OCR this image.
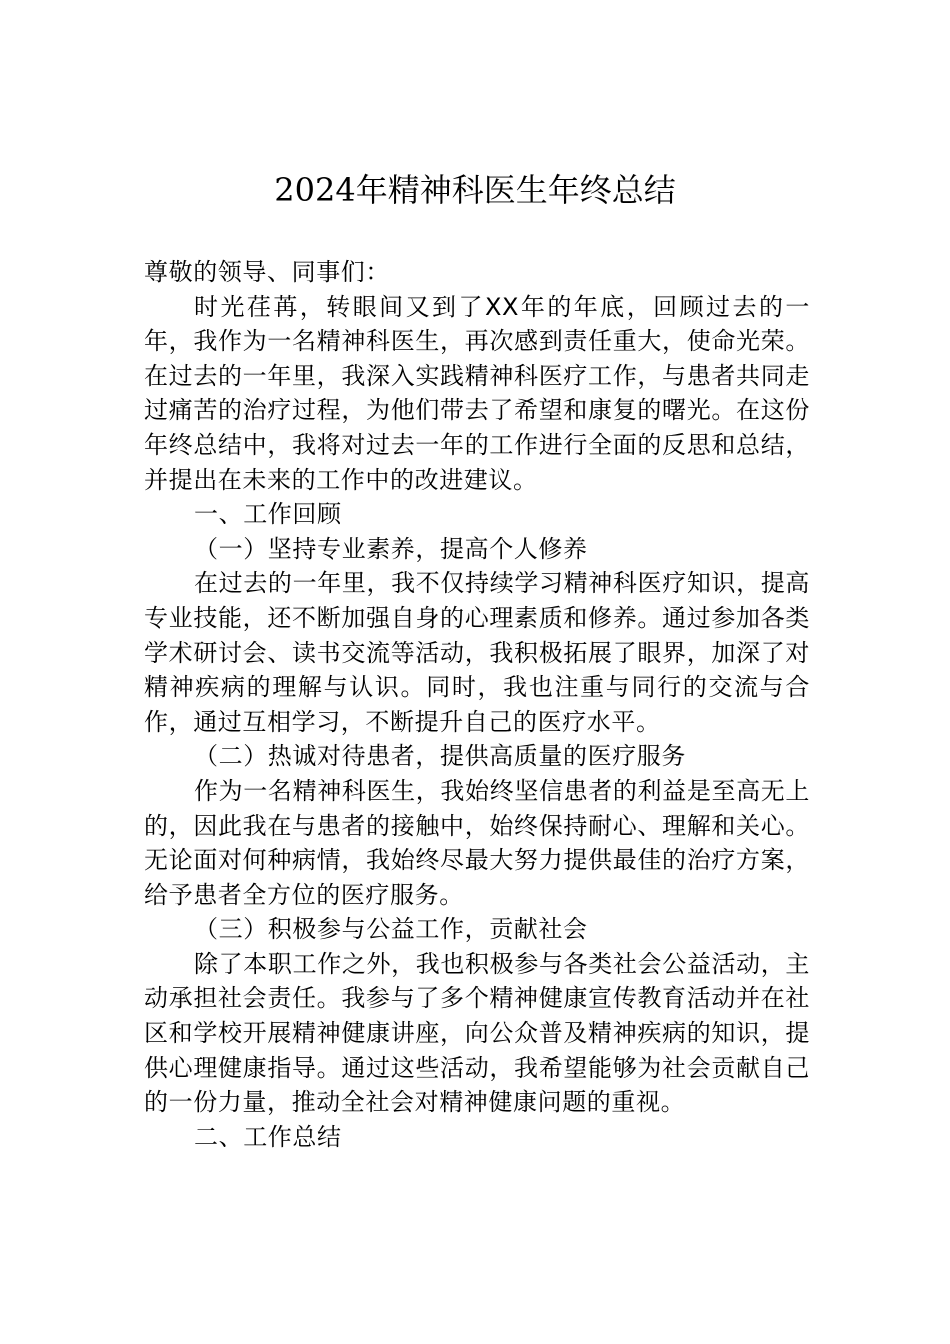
2024年精神科医生年终总结

尊敬的领导、同事们：

时光荏苒，转眼间又到了XX年的年底，回顾过去的一年，我作为一名精神科医生，再次感到责任重大，使命光荣。在过去的一年里，我深入实践精神科医疗工作，与患者共同走过痛苦的治疗过程，为他们带去了希望和康复的曙光。在这份年终总结中，我将对过去一年的工作进行全面的反思和总结，并提出在未来的工作中的改进建议。

一、工作回顾

（一）坚持专业素养，提高个人修养

在过去的一年里，我不仅持续学习精神科医疗知识，提高专业技能，还不断加强自身的心理素质和修养。通过参加各类学术研讨会、读书交流等活动，我积极拓展了眼界，加深了对精神疾病的理解与认识。同时，我也注重与同行的交流与合作，通过互相学习，不断提升自己的医疗水平。

（二）热诚对待患者，提供高质量的医疗服务

作为一名精神科医生，我始终坚信患者的利益是至高无上的，因此我在与患者的接触中，始终保持耐心、理解和关心。无论面对何种病情，我始终尽最大努力提供最佳的治疗方案，给予患者全方位的医疗服务。

（三）积极参与公益工作，贡献社会

除了本职工作之外，我也积极参与各类社会公益活动，主动承担社会责任。我参与了多个精神健康宣传教育活动并在社区和学校开展精神健康讲座，向公众普及精神疾病的知识，提供心理健康指导。通过这些活动，我希望能够为社会贡献自己的一份力量，推动全社会对精神健康问题的重视。

二、工作总结
